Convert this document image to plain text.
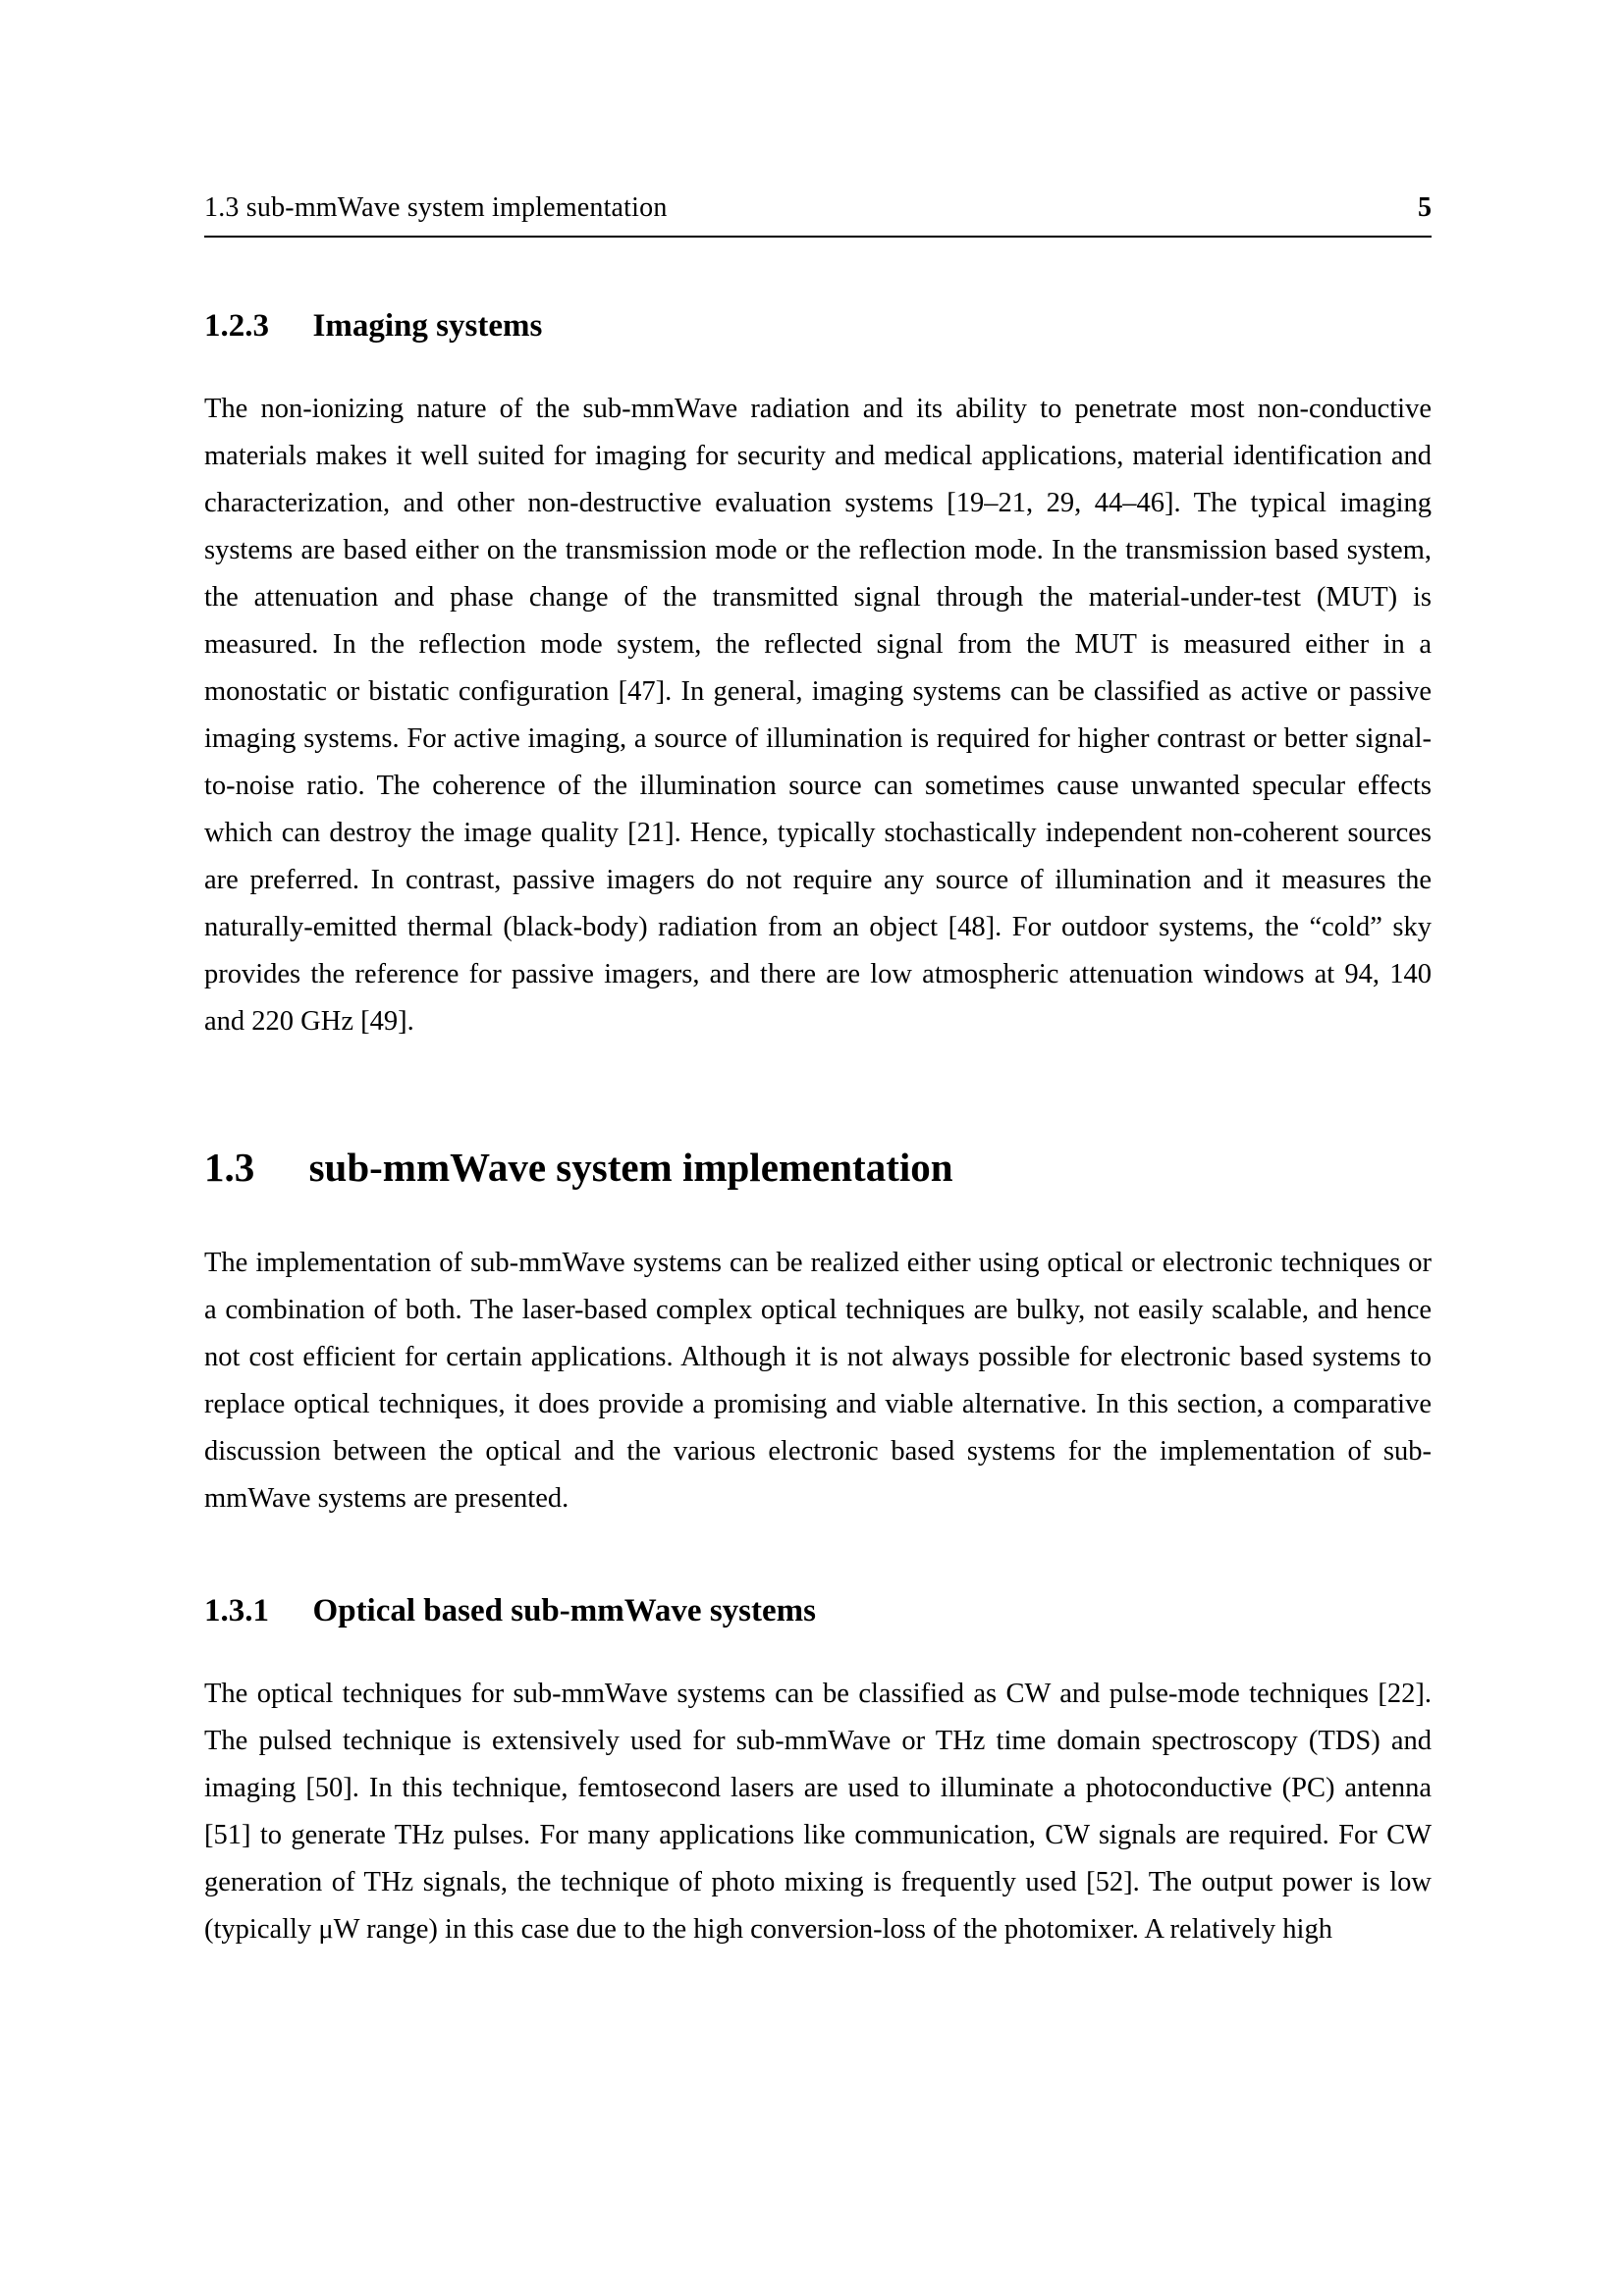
1.3 sub-mmWave system implementation	5
1.2.3 Imaging systems

The non-ionizing nature of the sub-mmWave radiation and its ability to penetrate most non-conductive materials makes it well suited for imaging for security and medical applications, material identification and characterization, and other non-destructive evaluation systems [19–21, 29, 44–46]. The typical imaging systems are based either on the transmission mode or the reflection mode. In the transmission based system, the attenuation and phase change of the transmitted signal through the material-under-test (MUT) is measured. In the reflection mode system, the reflected signal from the MUT is measured either in a monostatic or bistatic configuration [47]. In general, imaging systems can be classified as active or passive imaging systems. For active imaging, a source of illumination is required for higher contrast or better signal-to-noise ratio. The coherence of the illumination source can sometimes cause unwanted specular effects which can destroy the image quality [21]. Hence, typically stochastically independent non-coherent sources are preferred. In contrast, passive imagers do not require any source of illumination and it measures the naturally-emitted thermal (black-body) radiation from an object [48]. For outdoor systems, the “cold” sky provides the reference for passive imagers, and there are low atmospheric attenuation windows at 94, 140 and 220 GHz [49].

1.3 sub-mmWave system implementation

The implementation of sub-mmWave systems can be realized either using optical or electronic techniques or a combination of both. The laser-based complex optical techniques are bulky, not easily scalable, and hence not cost efficient for certain applications. Although it is not always possible for electronic based systems to replace optical techniques, it does provide a promising and viable alternative. In this section, a comparative discussion between the optical and the various electronic based systems for the implementation of sub-mmWave systems are presented.

1.3.1 Optical based sub-mmWave systems

The optical techniques for sub-mmWave systems can be classified as CW and pulse-mode techniques [22]. The pulsed technique is extensively used for sub-mmWave or THz time domain spectroscopy (TDS) and imaging [50]. In this technique, femtosecond lasers are used to illuminate a photoconductive (PC) antenna [51] to generate THz pulses. For many applications like communication, CW signals are required. For CW generation of THz signals, the technique of photo mixing is frequently used [52]. The output power is low (typically μW range) in this case due to the high conversion-loss of the photomixer. A relatively high
